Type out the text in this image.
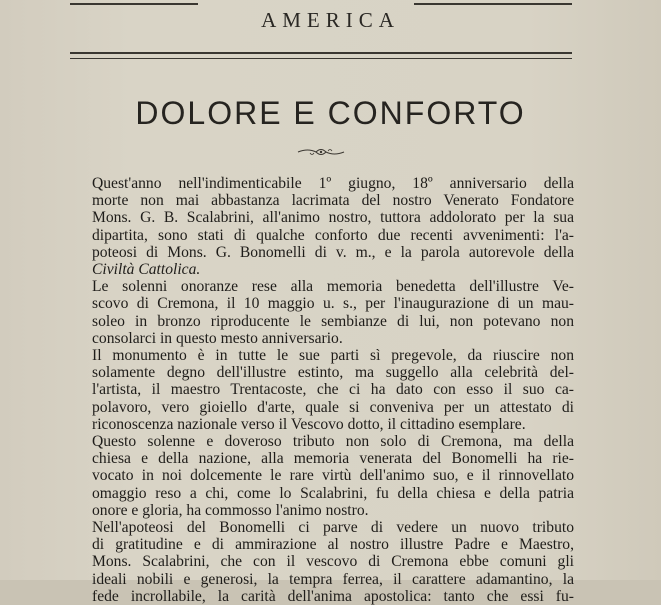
AMERICA
DOLORE E CONFORTO

Quest'anno nell'indimenticabile 1º giugno, 18º anniversario della
morte non mai abbastanza lacrimata del nostro Venerato Fondatore
Mons. G. B. Scalabrini, all'animo nostro, tuttora addolorato per la sua
dipartita, sono stati di qualche conforto due recenti avvenimenti: l'a-
poteosi di Mons. G. Bonomelli di v. m., e la parola autorevole della
Civiltà Cattolica.

Le solenni onoranze rese alla memoria benedetta dell'illustre Ve-
scovo di Cremona, il 10 maggio u. s., per l'inaugurazione di un mau-
soleo in bronzo riproducente le sembianze di lui, non potevano non
consolarci in questo mesto anniversario.

Il monumento è in tutte le sue parti sì pregevole, da riuscire non
solamente degno dell'illustre estinto, ma suggello alla celebrità del-
l'artista, il maestro Trentacoste, che ci ha dato con esso il suo ca-
polavoro, vero gioiello d'arte, quale si conveniva per un attestato di
riconoscenza nazionale verso il Vescovo dotto, il cittadino esemplare.

Questo solenne e doveroso tributo non solo di Cremona, ma della
chiesa e della nazione, alla memoria venerata del Bonomelli ha rie-
vocato in noi dolcemente le rare virtù dell'animo suo, e il rinnovellato
omaggio reso a chi, come lo Scalabrini, fu della chiesa e della patria
onore e gloria, ha commosso l'animo nostro.

Nell'apoteosi del Bonomelli ci parve di vedere un nuovo tributo
di gratitudine e di ammirazione al nostro illustre Padre e Maestro,
Mons. Scalabrini, che con il vescovo di Cremona ebbe comuni gli
ideali nobili e generosi, la tempra ferrea, il carattere adamantino, la
fede incrollabile, la carità dell'anima apostolica: tanto che essi fu-
